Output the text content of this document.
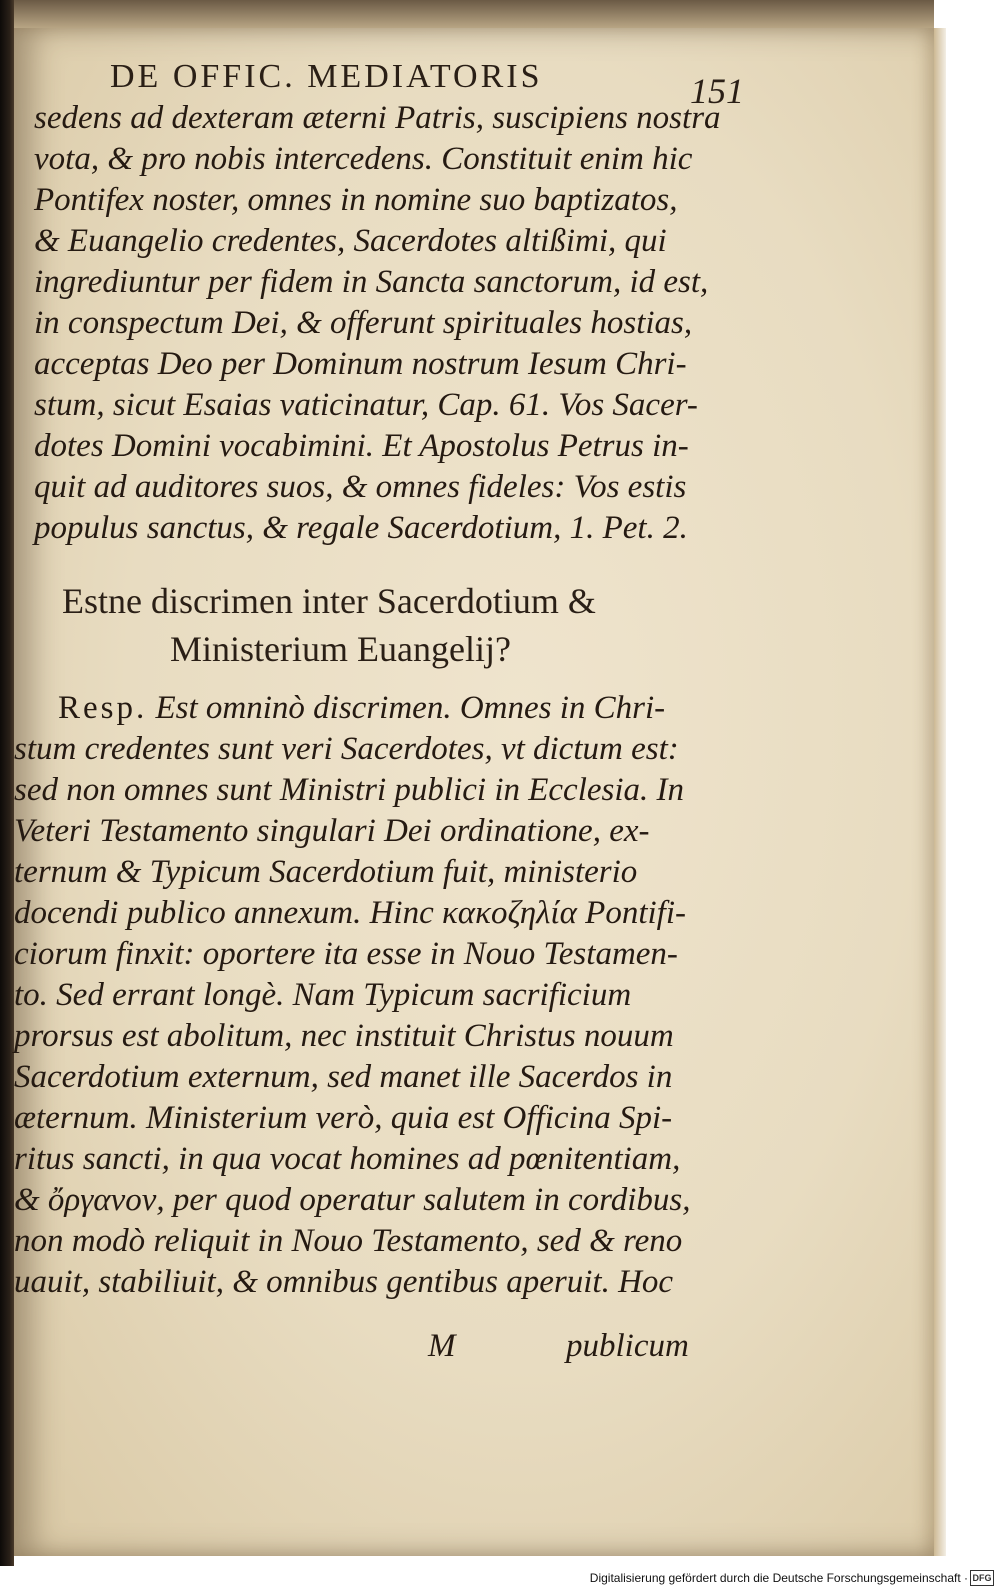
DE OFFIC. MEDIATORIS	151
sedens ad dexteram æterni Patris, suscipiens nostra
vota, & pro nobis intercedens. Constituit enim hic
Pontifex noster, omnes in nomine suo baptizatos,
& Euangelio credentes, Sacerdotes altißimi, qui
ingrediuntur per fidem in Sancta sanctorum, id est,
in conspectum Dei, & offerunt spirituales hostias,
acceptas Deo per Dominum nostrum Iesum Chri-
stum, sicut Esaias vaticinatur, Cap. 61. Vos Sacer-
dotes Domini vocabimini. Et Apostolus Petrus in-
quit ad auditores suos, & omnes fideles: Vos estis
populus sanctus, & regale Sacerdotium, 1. Pet. 2.
Estne discrimen inter Sacerdotium &
Ministerium Euangelij?
Resp. Est omninò discrimen. Omnes in Chri-
stum credentes sunt veri Sacerdotes, vt dictum est:
sed non omnes sunt Ministri publici in Ecclesia. In
Veteri Testamento singulari Dei ordinatione, ex-
ternum & Typicum Sacerdotium fuit, ministerio
docendi publico annexum. Hinc κακοζηλία Pontifi-
ciorum finxit: oportere ita esse in Nouo Testamen-
to. Sed errant longè. Nam Typicum sacrificium
prorsus est abolitum, nec instituit Christus nouum
Sacerdotium externum, sed manet ille Sacerdos in
æternum. Ministerium verò, quia est Officina Spi-
ritus sancti, in qua vocat homines ad pœnitentiam,
& ὄργανον, per quod operatur salutem in cordibus,
non modò reliquit in Nouo Testamento, sed & reno
uauit, stabiliuit, & omnibus gentibus aperuit. Hoc
M	publicum
Digitalisierung gefördert durch die Deutsche Forschungsgemeinschaft · DFG
